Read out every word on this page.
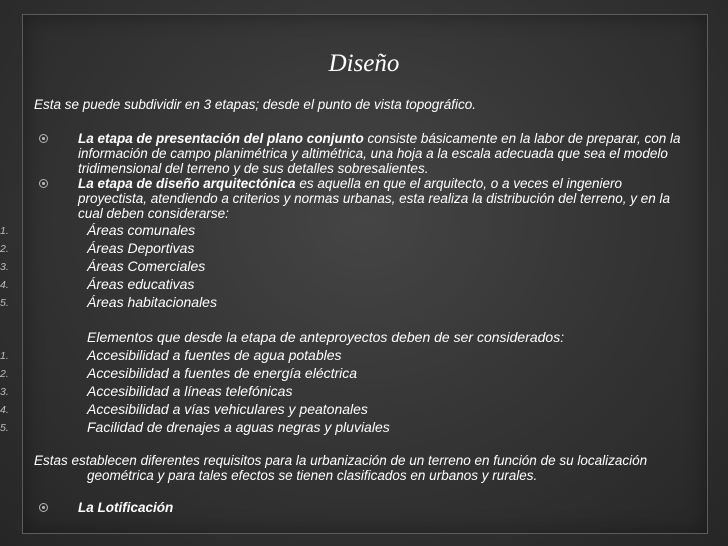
Diseño

Esta se puede subdividir en 3 etapas; desde el punto de vista topográfico.

La etapa de presentación del plano conjunto consiste básicamente en la labor de preparar, con la información de campo planimétrica y altimétrica, una hoja a la escala adecuada que sea el modelo tridimensional del terreno y de sus detalles sobresalientes.

La etapa de diseño arquitectónica es aquella en que el arquitecto, o a veces el ingeniero proyectista, atendiendo a criterios y normas urbanas, esta realiza la distribución del terreno, y en la cual deben considerarse:

1.	Áreas comunales
2.	Áreas Deportivas
3.	Áreas Comerciales
4.	Áreas educativas
5.	Áreas habitacionales
Elementos que desde la etapa de anteproyectos deben de ser considerados:
1.	Accesibilidad a fuentes de agua potables
2.	Accesibilidad a fuentes de energía eléctrica
3.	Accesibilidad a líneas telefónicas
4.	Accesibilidad a vías vehiculares y peatonales
5.	Facilidad de drenajes a aguas negras y pluviales

Estas establecen diferentes requisitos para la urbanización de un terreno en función de su localización geométrica y para tales efectos se tienen clasificados en urbanos y rurales.

La Lotificación
